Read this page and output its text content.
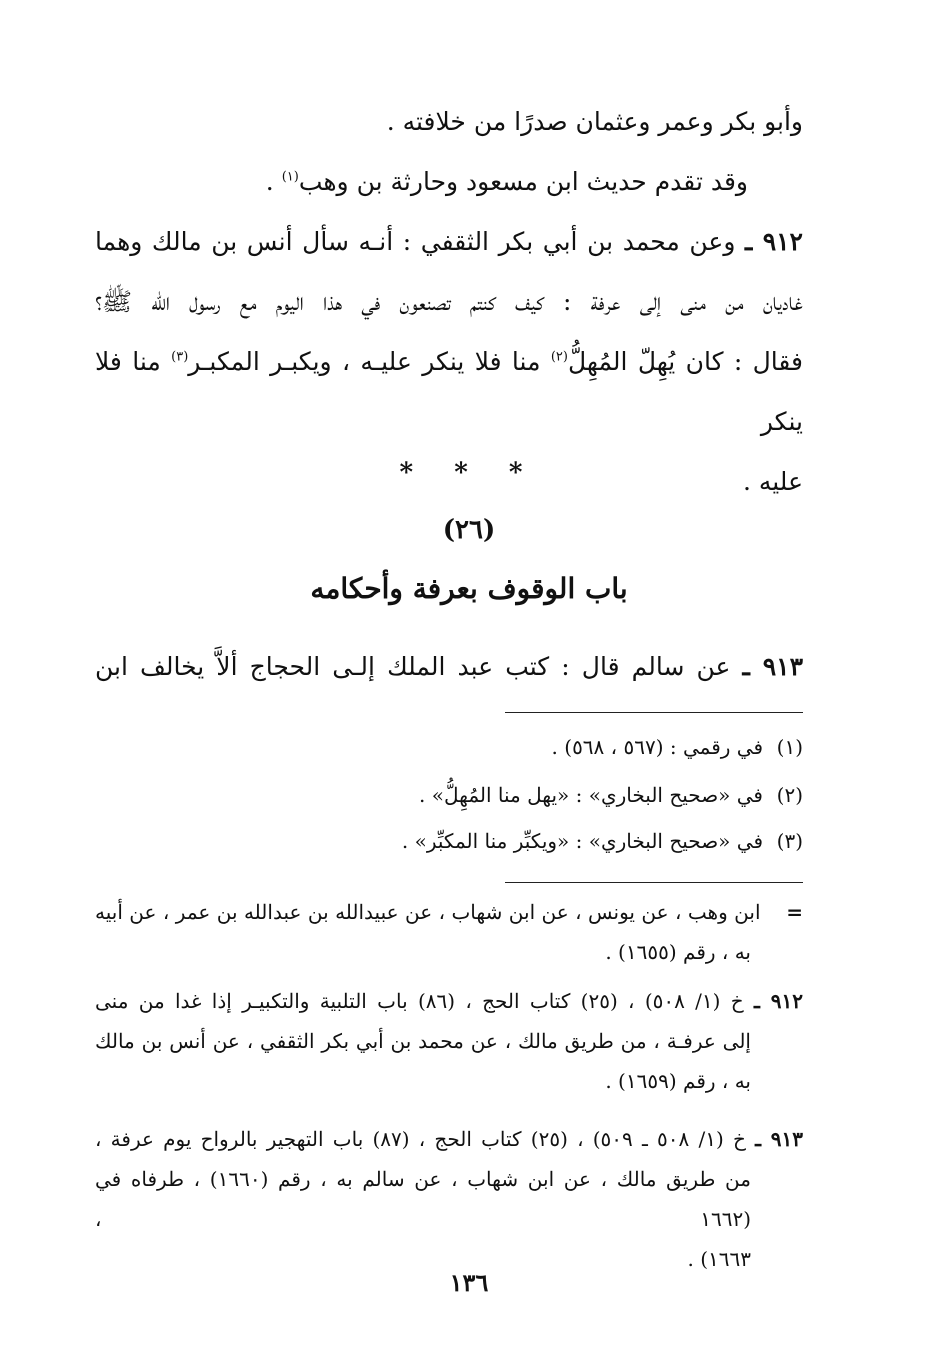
وأبو بكر وعمر وعثمان صدرًا من خلافته .
وقد تقدم حديث ابن مسعود وحارثة بن وهب$^{(١)}$ .
٩١٢ ـ وعن محمد بن أبي بكر الثقفي : أنـه سأل أنس بن مالك وهما
غاديان من منى إلى عرفة : كيف كنتم تصنعون في هذا اليوم مع رسول الله ﷺ؟
فقال : كان يُهِلّ المُهِلُّ$^{(٢)}$ منا فلا ينكر عليـه ، ويكبـر المكبـر$^{(٣)}$ منا فلا ينكر
عليه .
* * *
(٢٦)
باب الوقوف بعرفة وأحكامه
٩١٣ ـ عن سالم قال : كتب عبد الملك إلـى الحجاج ألاَّ يخالف ابن
(١)في رقمي : (٥٦٧ ، ٥٦٨) .
(٢)في «صحيح البخاري» : «يهل منا المُهِلُّ» .
(٣)في «صحيح البخاري» : «ويكبِّر منا المكبِّر» .
=    ابن وهب ، عن يونس ، عن ابن شهاب ، عن عبيدالله بن عبدالله بن عمر ، عن أبيه
به ، رقم (١٦٥٥) .
٩١٢ ـ خ (١/ ٥٠٨) ، (٢٥) كتاب الحج ، (٨٦) باب التلبية والتكبيـر إذا غدا من منى
إلى عرفـة ، من طريق مالك ، عن محمد بن أبي بكر الثقفي ، عن أنس بن مالك
به ، رقم (١٦٥٩) .
٩١٣ ـ خ (١/ ٥٠٨ ـ ٥٠٩) ، (٢٥) كتاب الحج ، (٨٧) باب التهجير بالرواح يوم عرفة ،
من طريق مالك ، عن ابن شهاب ، عن سالم به ، رقم (١٦٦٠) ، طرفاه في (١٦٦٢ ،
١٦٦٣) .
١٣٦
